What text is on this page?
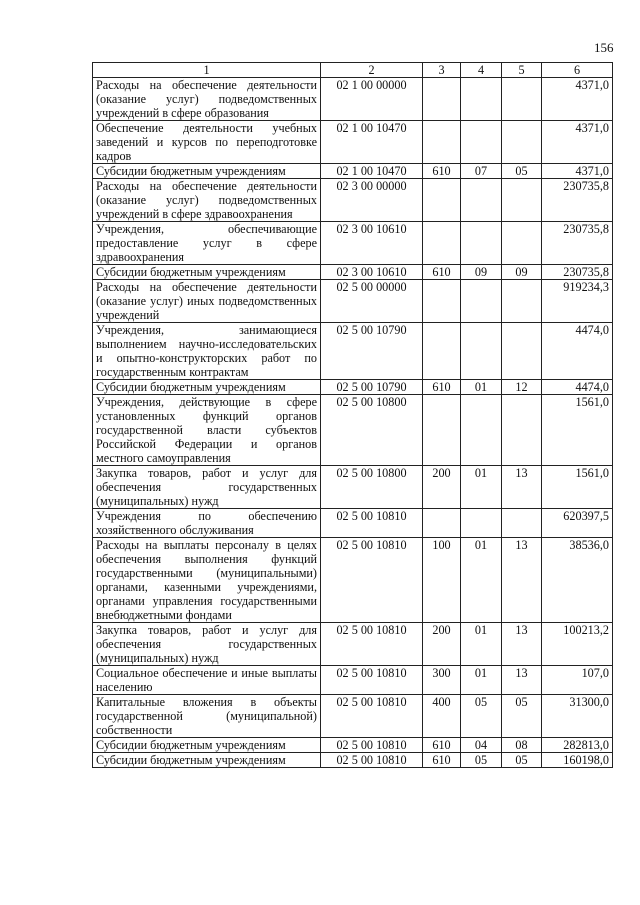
156
1	2	3	4	5	6
Расходы на обеспечение деятельности (оказание услуг) подведомственных учреждений в сфере образования	02 1 00 00000				4371,0
Обеспечение деятельности учебных заведений и курсов по переподготовке кадров	02 1 00 10470				4371,0
Субсидии бюджетным учреждениям	02 1 00 10470	610	07	05	4371,0
Расходы на обеспечение деятельности (оказание услуг) подведомственных учреждений в сфере здравоохранения	02 3 00 00000				230735,8
Учреждения, обеспечивающие предоставление услуг в сфере здравоохранения	02 3 00 10610				230735,8
Субсидии бюджетным учреждениям	02 3 00 10610	610	09	09	230735,8
Расходы на обеспечение деятельности (оказание услуг) иных подведомственных учреждений	02 5 00 00000				919234,3
Учреждения, занимающиеся выполнением научно-исследовательских и опытно-конструкторских работ по государственным контрактам	02 5 00 10790				4474,0
Субсидии бюджетным учреждениям	02 5 00 10790	610	01	12	4474,0
Учреждения, действующие в сфере установленных функций органов государственной власти субъектов Российской Федерации и органов местного самоуправления	02 5 00 10800				1561,0
Закупка товаров, работ и услуг для обеспечения государственных (муниципальных) нужд	02 5 00 10800	200	01	13	1561,0
Учреждения по обеспечению хозяйственного обслуживания	02 5 00 10810				620397,5
Расходы на выплаты персоналу в целях обеспечения выполнения функций государственными (муниципальными) органами, казенными учреждениями, органами управления государственными внебюджетными фондами	02 5 00 10810	100	01	13	38536,0
Закупка товаров, работ и услуг для обеспечения государственных (муниципальных) нужд	02 5 00 10810	200	01	13	100213,2
Социальное обеспечение и иные выплаты населению	02 5 00 10810	300	01	13	107,0
Капитальные вложения в объекты государственной (муниципальной) собственности	02 5 00 10810	400	05	05	31300,0
Субсидии бюджетным учреждениям	02 5 00 10810	610	04	08	282813,0
Субсидии бюджетным учреждениям	02 5 00 10810	610	05	05	160198,0
